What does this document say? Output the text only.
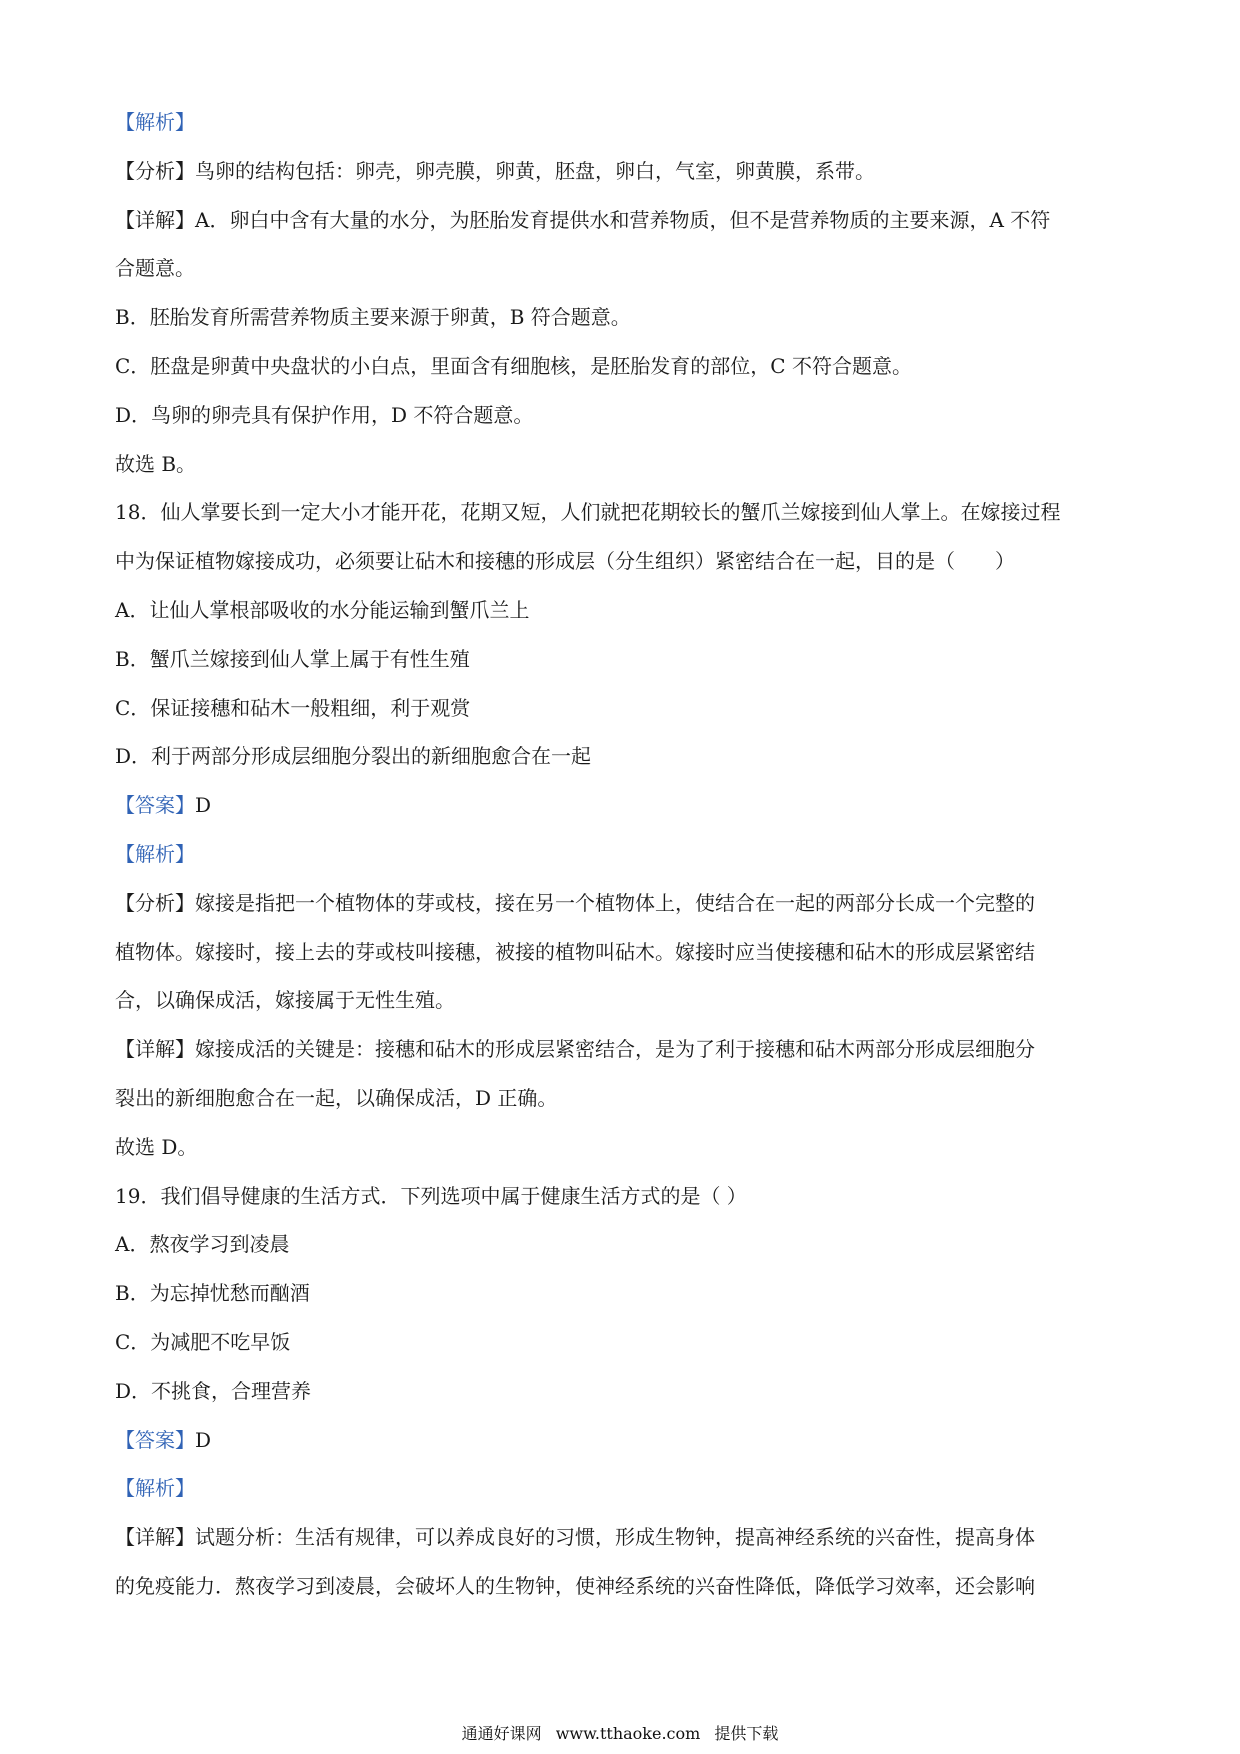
【解析】

【分析】鸟卵的结构包括：卵壳，卵壳膜，卵黄，胚盘，卵白，气室，卵黄膜，系带。

【详解】A．卵白中含有大量的水分，为胚胎发育提供水和营养物质，但不是营养物质的主要来源，A 不符

合题意。

B．胚胎发育所需营养物质主要来源于卵黄，B 符合题意。

C．胚盘是卵黄中央盘状的小白点，里面含有细胞核，是胚胎发育的部位，C 不符合题意。

D．鸟卵的卵壳具有保护作用，D 不符合题意。

故选 B。

18．仙人掌要长到一定大小才能开花，花期又短，人们就把花期较长的蟹爪兰嫁接到仙人掌上。在嫁接过程

中为保证植物嫁接成功，必须要让砧木和接穗的形成层（分生组织）紧密结合在一起，目的是（　　）

A．让仙人掌根部吸收的水分能运输到蟹爪兰上

B．蟹爪兰嫁接到仙人掌上属于有性生殖

C．保证接穗和砧木一般粗细，利于观赏

D．利于两部分形成层细胞分裂出的新细胞愈合在一起

【答案】D

【解析】

【分析】嫁接是指把一个植物体的芽或枝，接在另一个植物体上，使结合在一起的两部分长成一个完整的

植物体。嫁接时，接上去的芽或枝叫接穗，被接的植物叫砧木。嫁接时应当使接穗和砧木的形成层紧密结

合，以确保成活，嫁接属于无性生殖。

【详解】嫁接成活的关键是：接穗和砧木的形成层紧密结合，是为了利于接穗和砧木两部分形成层细胞分

裂出的新细胞愈合在一起，以确保成活，D 正确。

故选 D。

19．我们倡导健康的生活方式．下列选项中属于健康生活方式的是（ ）

A．熬夜学习到凌晨

B．为忘掉忧愁而酗酒

C．为减肥不吃早饭

D．不挑食，合理营养

【答案】D

【解析】

【详解】试题分析：生活有规律，可以养成良好的习惯，形成生物钟，提高神经系统的兴奋性，提高身体

的免疫能力．熬夜学习到凌晨，会破坏人的生物钟，使神经系统的兴奋性降低，降低学习效率，还会影响

通通好课网 www.tthaoke.com 提供下载
